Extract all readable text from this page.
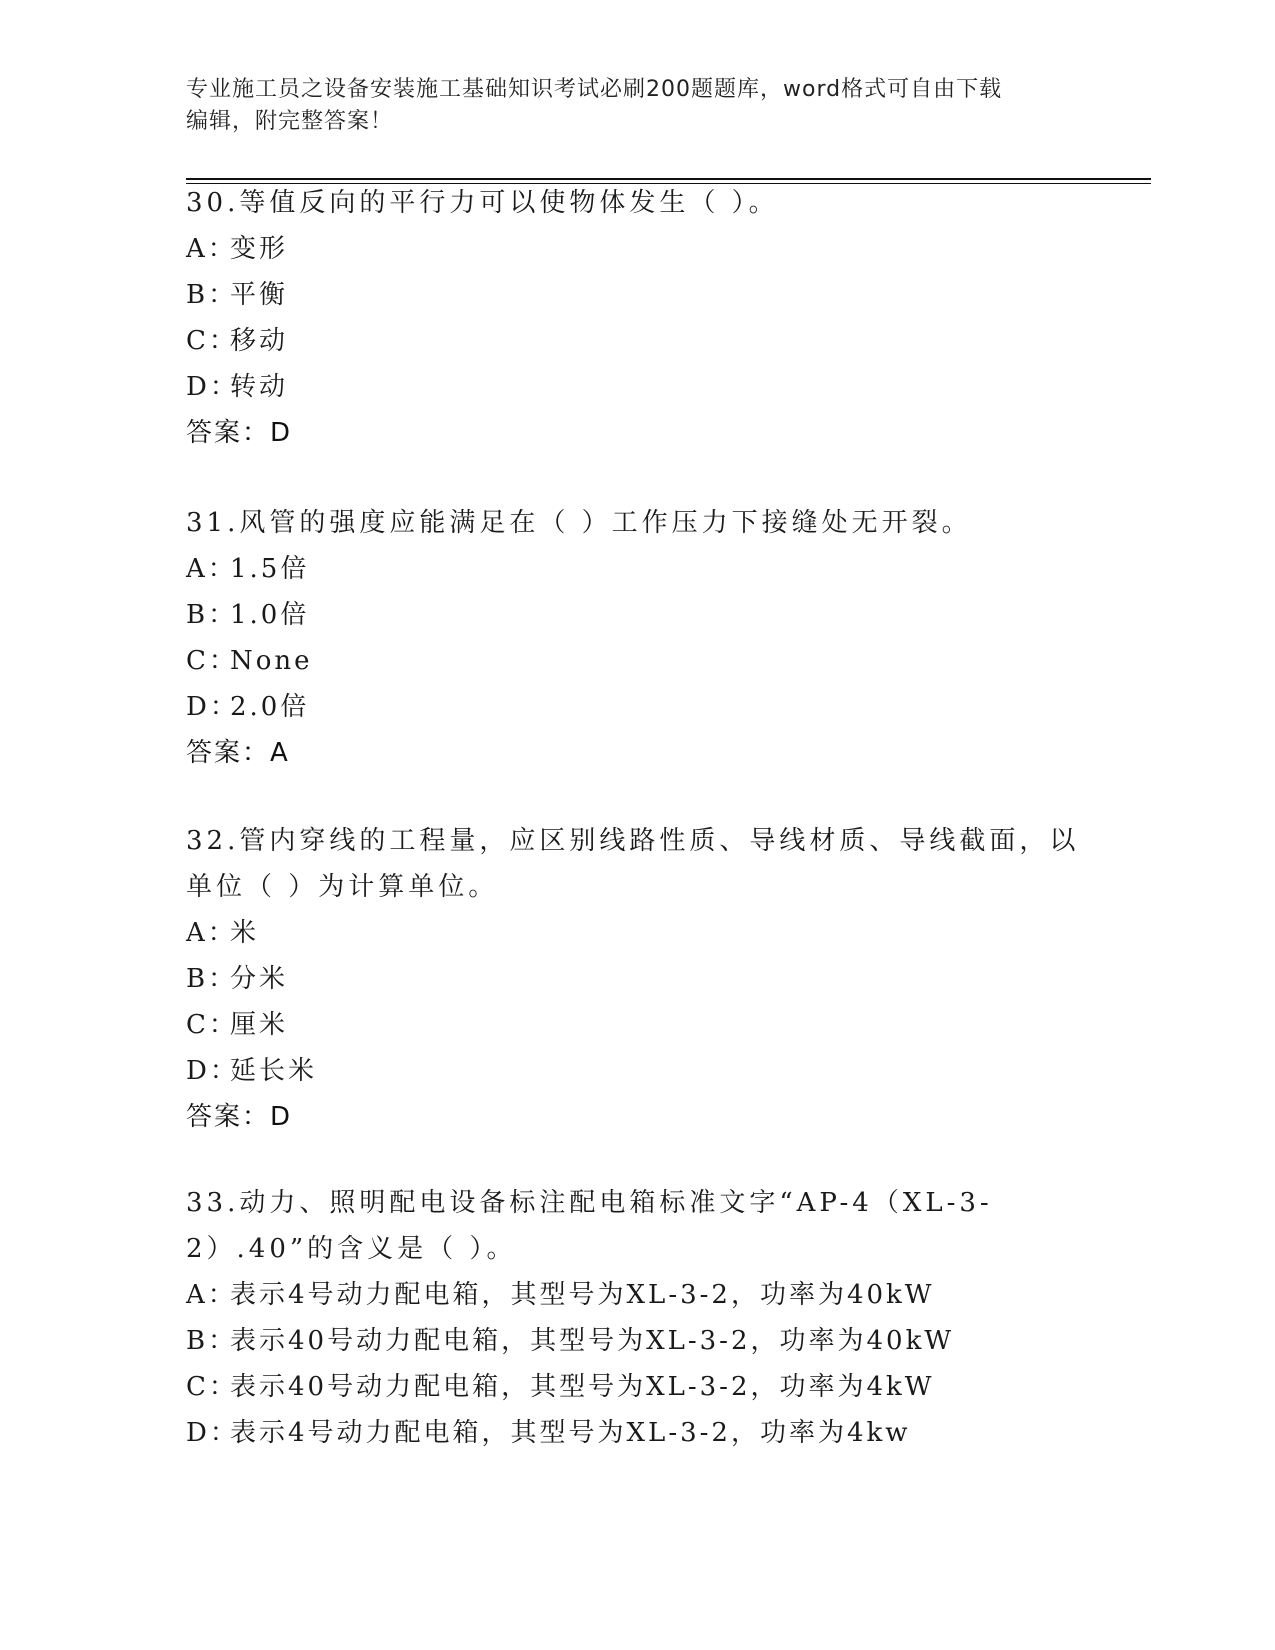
专业施工员之设备安装施工基础知识考试必刷200题题库，word格式可自由下载
编辑，附完整答案！

30.等值反向的平行力可以使物体发生（ ）。

A：变形

B：平衡

C：移动

D：转动

答案：D

31.风管的强度应能满足在（ ）工作压力下接缝处无开裂。

A：1.5倍

B：1.0倍

C：None

D：2.0倍

答案：A

32.管内穿线的工程量，应区别线路性质、导线材质、导线截面，以单位（ ）为计算单位。

A：米

B：分米

C：厘米

D：延长米

答案：D

33.动力、照明配电设备标注配电箱标准文字“AP-4（XL-3-2）.40”的含义是（ ）。

A：表示4号动力配电箱，其型号为XL-3-2，功率为40kW

B：表示40号动力配电箱，其型号为XL-3-2，功率为40kW

C：表示40号动力配电箱，其型号为XL-3-2，功率为4kW

D：表示4号动力配电箱，其型号为XL-3-2，功率为4kw
